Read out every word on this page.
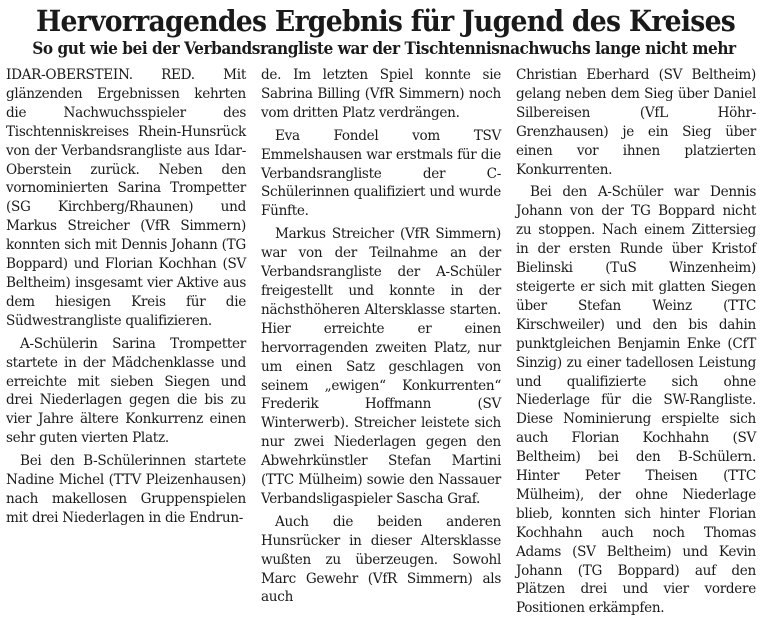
Hervorragendes Ergebnis für Jugend des Kreises
So gut wie bei der Verbandsrangliste war der Tischtennisnachwuchs lange nicht mehr

IDAR-OBERSTEIN. RED. Mit glänzenden Ergebnissen kehrten die Nachwuchsspieler des Tischtenniskreises Rhein-Hunsrück von der Verbandsrangliste aus Idar-Oberstein zurück. Neben den vornominierten Sarina Trompetter (SG Kirchberg/Rhaunen) und Markus Streicher (VfR Simmern) konnten sich mit Dennis Johann (TG Boppard) und Florian Kochhan (SV Beltheim) insgesamt vier Aktive aus dem hiesigen Kreis für die Südwestrangliste qualifizieren.

A-Schülerin Sarina Trompetter startete in der Mädchenklasse und erreichte mit sieben Siegen und drei Niederlagen gegen die bis zu vier Jahre ältere Konkurrenz einen sehr guten vierten Platz.

Bei den B-Schülerinnen startete Nadine Michel (TTV Pleizenhausen) nach makellosen Gruppenspielen mit drei Niederlagen in die Endrun-

de. Im letzten Spiel konnte sie Sabrina Billing (VfR Simmern) noch vom dritten Platz verdrängen.

Eva Fondel vom TSV Emmelshausen war erstmals für die Verbandsrangliste der C-Schülerinnen qualifiziert und wurde Fünfte.

Markus Streicher (VfR Simmern) war von der Teilnahme an der Verbandsrangliste der A-Schüler freigestellt und konnte in der nächsthöheren Altersklasse starten. Hier erreichte er einen hervorragenden zweiten Platz, nur um einen Satz geschlagen von seinem „ewigen“ Konkurrenten“ Frederik Hoffmann (SV Winterwerb). Streicher leistete sich nur zwei Niederlagen gegen den Abwehrkünstler Stefan Martini (TTC Mülheim) sowie den Nassauer Verbandsligaspieler Sascha Graf.

Auch die beiden anderen Hunsrücker in dieser Altersklasse wußten zu überzeugen. Sowohl Marc Gewehr (VfR Simmern) als auch

Christian Eberhard (SV Beltheim) gelang neben dem Sieg über Daniel Silbereisen (VfL Höhr-Grenzhausen) je ein Sieg über einen vor ihnen platzierten Konkurrenten.

Bei den A-Schüler war Dennis Johann von der TG Boppard nicht zu stoppen. Nach einem Zittersieg in der ersten Runde über Kristof Bielinski (TuS Winzenheim) steigerte er sich mit glatten Siegen über Stefan Weinz (TTC Kirschweiler) und den bis dahin punktgleichen Benjamin Enke (CfT Sinzig) zu einer tadellosen Leistung und qualifizierte sich ohne Niederlage für die SW-Rangliste. Diese Nominierung erspielte sich auch Florian Kochhahn (SV Beltheim) bei den B-Schülern. Hinter Peter Theisen (TTC Mülheim), der ohne Niederlage blieb, konnten sich hinter Florian Kochhahn auch noch Thomas Adams (SV Beltheim) und Kevin Johann (TG Boppard) auf den Plätzen drei und vier vordere Positionen erkämpfen.
